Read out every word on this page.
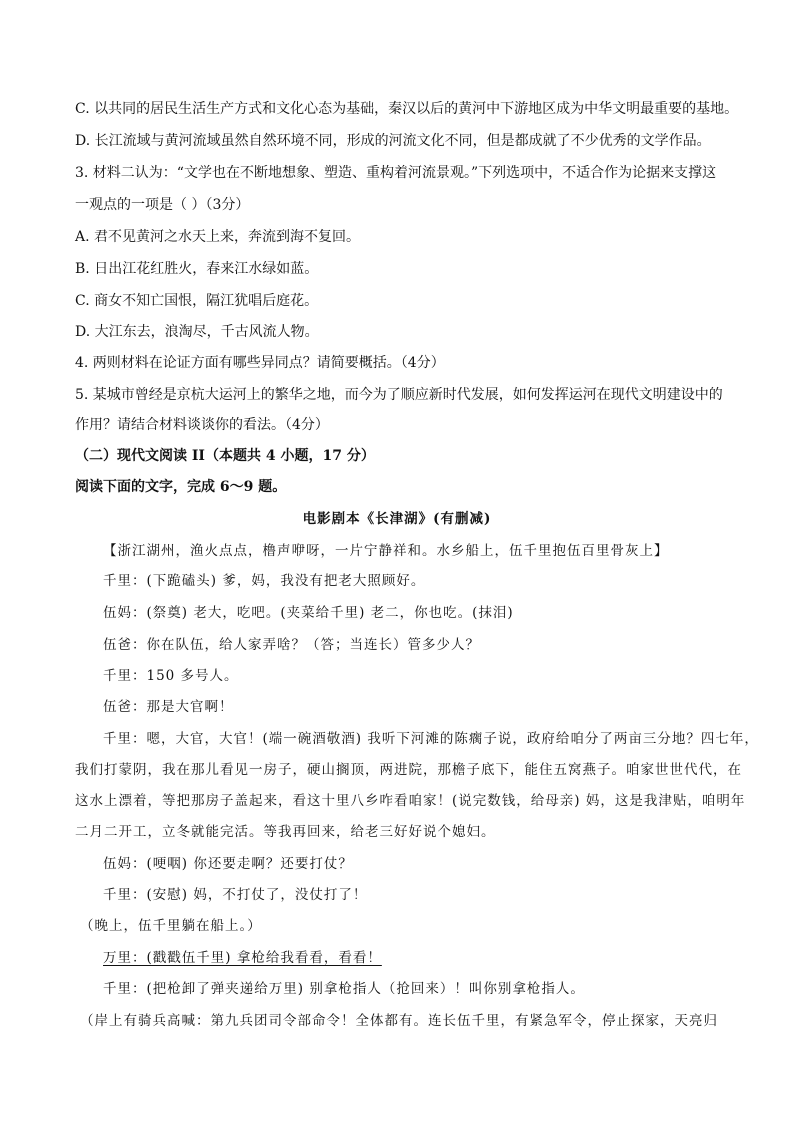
C. 以共同的居民生活生产方式和文化心态为基础，秦汉以后的黄河中下游地区成为中华文明最重要的基地。
D. 长江流域与黄河流域虽然自然环境不同，形成的河流文化不同，但是都成就了不少优秀的文学作品。
3. 材料二认为：“文学也在不断地想象、塑造、重构着河流景观。”下列选项中，不适合作为论据来支撑这
一观点的一项是（ ）（3分）
A. 君不见黄河之水天上来，奔流到海不复回。
B. 日出江花红胜火，春来江水绿如蓝。
C. 商女不知亡国恨，隔江犹唱后庭花。
D. 大江东去，浪淘尽，千古风流人物。
4. 两则材料在论证方面有哪些异同点？请简要概括。（4分）
5. 某城市曾经是京杭大运河上的繁华之地，而今为了顺应新时代发展，如何发挥运河在现代文明建设中的
作用？请结合材料谈谈你的看法。（4分）
（二）现代文阅读 II（本题共 4 小题，17 分）
阅读下面的文字，完成 6～9 题。
电影剧本《长津湖》(有删减)
【浙江湖州，渔火点点，橹声咿呀，一片宁静祥和。水乡船上，伍千里抱伍百里骨灰上】
千里：(下跪磕头) 爹，妈，我没有把老大照顾好。
伍妈：(祭奠) 老大，吃吧。(夹菜给千里) 老二，你也吃。(抹泪)
伍爸：你在队伍，给人家弄啥？（答；当连长）管多少人？
千里：150 多号人。
伍爸：那是大官啊！
千里：嗯，大官，大官！(端一碗酒敬酒) 我听下河滩的陈瘸子说，政府给咱分了两亩三分地？四七年，
我们打蒙阴，我在那儿看见一房子，硬山搁顶，两进院，那檐子底下，能住五窝燕子。咱家世世代代，在
这水上漂着，等把那房子盖起来，看这十里八乡咋看咱家！(说完数钱，给母亲) 妈，这是我津贴，咱明年
二月二开工，立冬就能完活。等我再回来，给老三好好说个媳妇。
伍妈：(哽咽) 你还要走啊？还要打仗？
千里：(安慰) 妈，不打仗了，没仗打了！
（晚上，伍千里躺在船上。）
万里：(戳戳伍千里) 拿枪给我看看，看看！
千里：(把枪卸了弹夹递给万里) 别拿枪指人（抢回来）！叫你别拿枪指人。
（岸上有骑兵高喊：第九兵团司令部命令！全体都有。连长伍千里，有紧急军令，停止探家，天亮归
